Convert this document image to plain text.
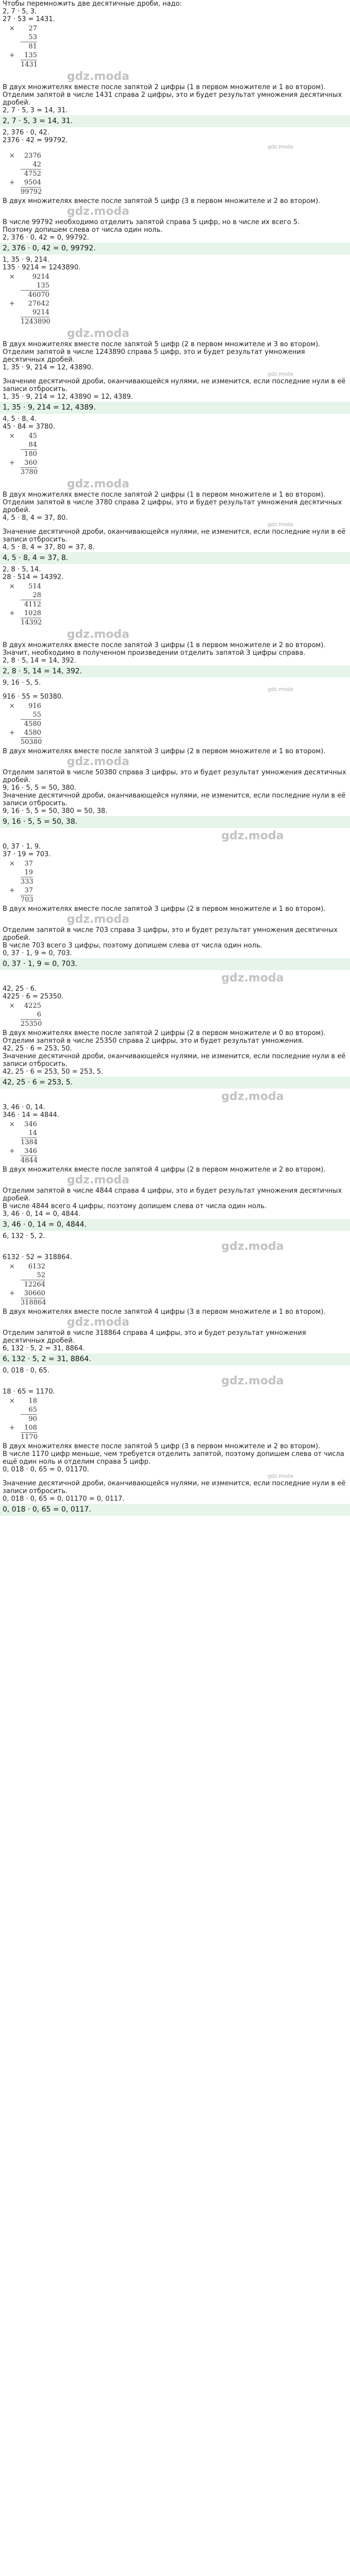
Чтобы перемножить две десятичные дроби, надо:
2, 7 · 5, 3.
27 · 53 = 1431.
× 27
53
81
+ 135
1431
gdz.moda
В двух множителях вместе после запятой 2 цифры (1 в первом множителе и 1 во втором).
Отделим запятой в числе 1431 справа 2 цифры, это и будет результат умножения десятичных дробей.
2, 7 · 5, 3 = 14, 31.
2, 7 · 5, 3 = 14, 31.
2, 376 · 0, 42.
2376 · 42 = 99792.
gdz.moda
× 2376
42
4752
+ 9504
99792
В двух множителях вместе после запятой 5 цифр (3 в первом множителе и 2 во втором).
gdz.moda
В числе 99792 необходимо отделить запятой справа 5 цифр, но в числе их всего 5.
Поэтому допишем слева от числа один ноль.
2, 376 · 0, 42 = 0, 99792.
2, 376 · 0, 42 = 0, 99792.
1, 35 · 9, 214.
135 · 9214 = 1243890.
×	9214
135
46070
+ 27642
9214
1243890
gdz.moda
В двух множителях вместе после запятой 5 цифр (2 в первом множителе и 3 во втором).
Отделим запятой в числе 1243890 справа 5 цифр, это и будет результат умножения десятичных дробей.
1, 35 · 9, 214 = 12, 43890.
gdz.moda
Значение десятичной дроби, оканчивающейся нулями, не изменится, если последние нули в её записи отбросить.
1, 35 · 9, 214 = 12, 43890 = 12, 4389.
1, 35 · 9, 214 = 12, 4389.
4, 5 · 8, 4.
45 · 84 = 3780.
× 45
84
180
+ 360
3780
gdz.moda
В двух множителях вместе после запятой 2 цифры (1 в первом множителе и 1 во втором).
Отделим запятой в числе 3780 справа 2 цифры, это и будет результат умножения десятичных дробей.
4, 5 · 8, 4 = 37, 80.
gdz.moda
Значение десятичной дроби, оканчивающейся нулями, не изменится, если последние нули в её записи отбросить.
4, 5 · 8, 4 = 37, 80 = 37, 8.
4, 5 · 8, 4 = 37, 8.
2, 8 · 5, 14.
28 · 514 = 14392.
× 514
28
4112
+ 1028
14392
gdz.moda
В двух множителях вместе после запятой 3 цифры (1 в первом множителе и 2 во втором).
Значит, необходимо в полученном произведении отделить запятой 3 цифры справа.
2, 8 · 5, 14 = 14, 392.
2, 8 · 5, 14 = 14, 392.
9, 16 · 5, 5.
gdz.moda
916 · 55 = 50380.
× 916
55
4580
+ 4580
50380
В двух множителях вместе после запятой 3 цифры (2 в первом множителе и 1 во втором).
gdz.moda
Отделим запятой в числе 50380 справа 3 цифры, это и будет результат умножения десятичных дробей.
9, 16 · 5, 5 = 50, 380.
Значение десятичной дроби, оканчивающейся нулями, не изменится, если последние нули в её записи отбросить.
9, 16 · 5, 5 = 50, 380 = 50, 38.
9, 16 · 5, 5 = 50, 38.
gdz.moda
0, 37 · 1, 9.
37 · 19 = 703.
× 37
19
333
+ 37
703
В двух множителях вместе после запятой 3 цифры (2 в первом множителе и 1 во втором).
gdz.moda
Отделим запятой в числе 703 справа 3 цифры, это и будет результат умножения десятичных дробей.
В числе 703 всего 3 цифры, поэтому допишем слева от числа один ноль.
0, 37 · 1, 9 = 0, 703.
0, 37 · 1, 9 = 0, 703.
gdz.moda
42, 25 · 6.
4225 · 6 = 25350.
× 4225
6
25350
В двух множителях вместе после запятой 2 цифры (2 в первом множителе и 0 во втором).
Отделим запятой в числе 25350 справа 2 цифры, это и будет результат умножения.
42, 25 · 6 = 253, 50.
Значение десятичной дроби, оканчивающейся нулями, не изменится, если последние нули в её записи отбросить.
42, 25 · 6 = 253, 50 = 253, 5.
42, 25 · 6 = 253, 5.
gdz.moda
3, 46 · 0, 14.
346 · 14 = 4844.
× 346
14
1384
+ 346
4844
В двух множителях вместе после запятой 4 цифры (2 в первом множителе и 2 во втором).
gdz.moda
Отделим запятой в числе 4844 справа 4 цифры, это и будет результат умножения десятичных дробей.
В числе 4844 всего 4 цифры, поэтому допишем слева от числа один ноль.
3, 46 · 0, 14 = 0, 4844.
3, 46 · 0, 14 = 0, 4844.
6, 132 · 5, 2.
gdz.moda
6132 · 52 = 318864.
× 6132
52
12264
+ 30660
318864
В двух множителях вместе после запятой 4 цифры (3 в первом множителе и 1 во втором).
gdz.moda
Отделим запятой в числе 318864 справа 4 цифры, это и будет результат умножения десятичных дробей.
6, 132 · 5, 2 = 31, 8864.
6, 132 · 5, 2 = 31, 8864.
0, 018 · 0, 65.
gdz.moda
18 · 65 = 1170.
× 18
65
90
+ 108
1170
В двух множителях вместе после запятой 5 цифр (3 в первом множителе и 2 во втором).
В числе 1170 цифр меньше, чем требуется отделить запятой, поэтому допишем слева от числа ещё один ноль и отделим справа 5 цифр.
0, 018 · 0, 65 = 0, 01170.
gdz.moda
Значение десятичной дроби, оканчивающейся нулями, не изменится, если последние нули в её записи отбросить.
0, 018 · 0, 65 = 0, 01170 = 0, 0117.
0, 018 · 0, 65 = 0, 0117.
